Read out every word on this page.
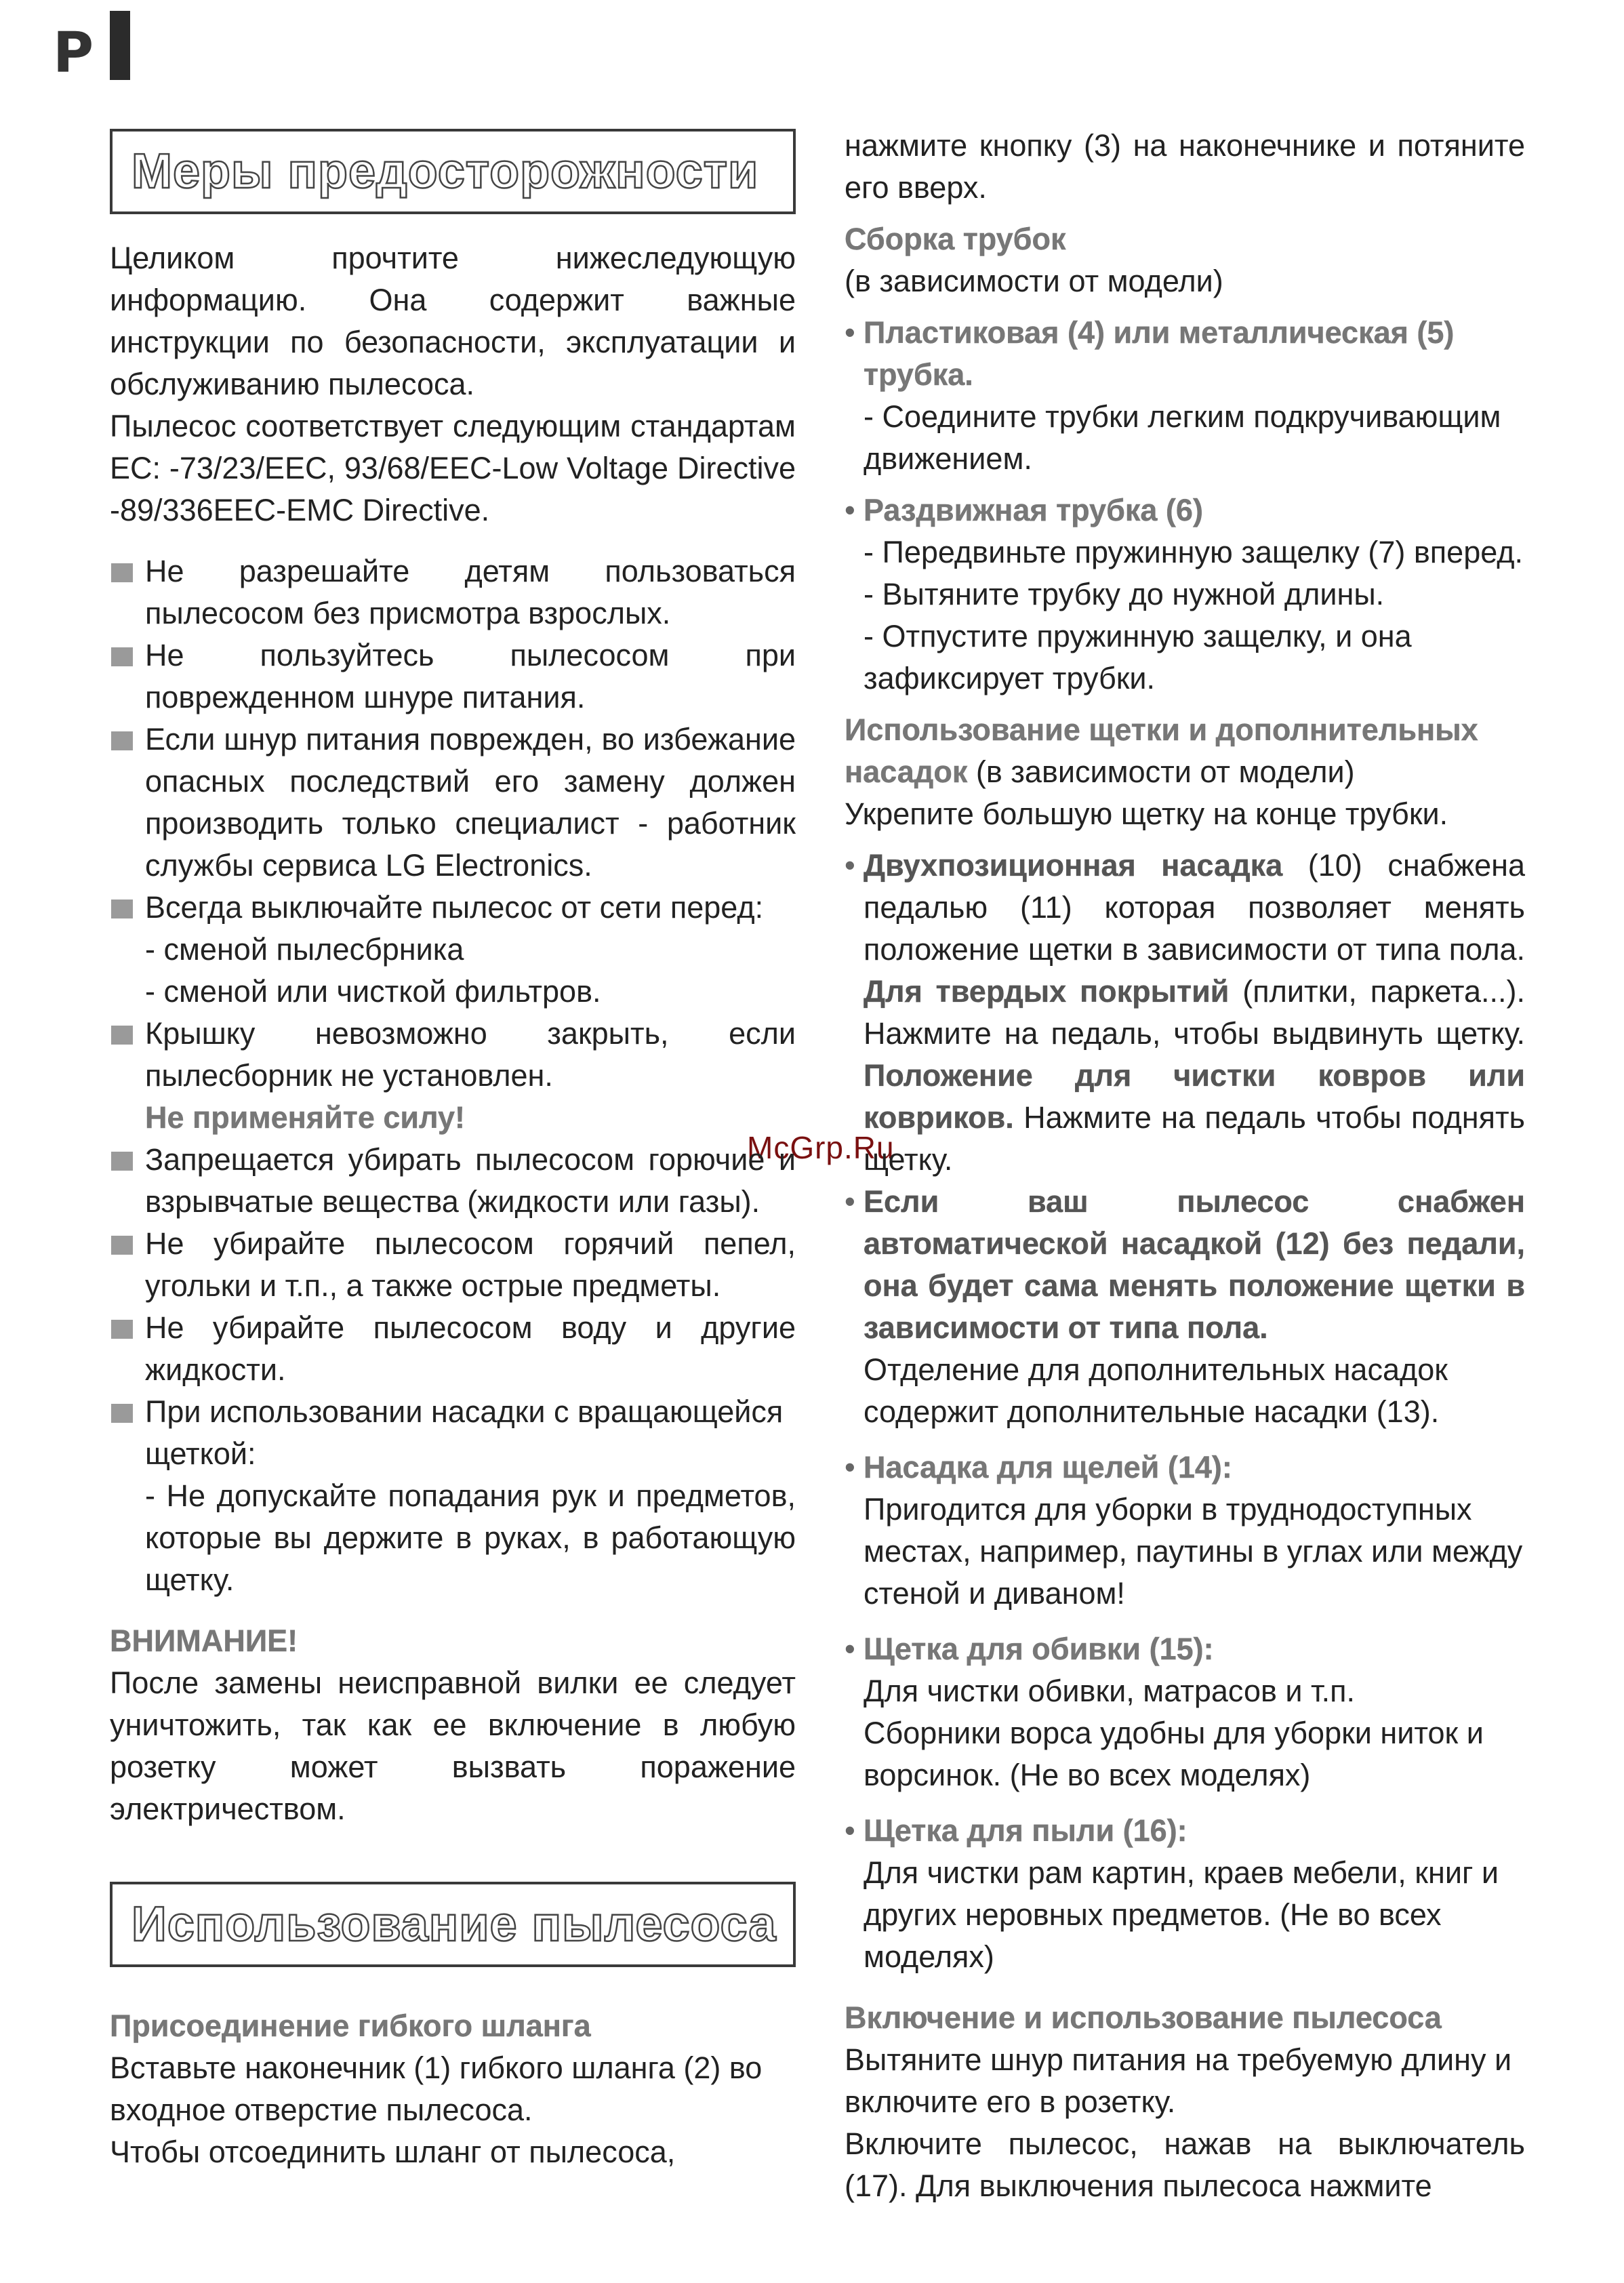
P
McGrp.Ru
Меры предосторожности

Целиком прочтите нижеследующую информацию. Она содержит важные инструкции по безопасности, эксплуатации и обслуживанию пылесоса.

Пылесос соответствует следующим стандартам ЕС: -73/23/ЕЕС, 93/68/ЕЕС-Low Voltage Directive -89/336ЕЕС-ЕМС Directive.

Не разрешайте детям пользоваться пылесосом без присмотра взрослых.
Не пользуйтесь пылесосом при поврежденном шнуре питания.
Если шнур питания поврежден, во избежание опасных последствий его замену должен производить только специалист - работник службы сервиса LG Electronics.
Всегда выключайте пылесос от сети перед:
- сменой пылесбрника
- сменой или чисткой фильтров.
Крышку невозможно закрыть, если пылесборник не установлен.
Не применяйте силу!
Запрещается убирать пылесосом горючие и взрывчатые вещества (жидкости или газы).
Не убирайте пылесосом горячий пепел, угольки и т.п., а также острые предметы.
Не убирайте пылесосом воду и другие жидкости.
При использовании насадки с вращающейся щеткой:
- Не допускайте попадания рук и предметов, которые вы держите в руках, в работающую щетку.

ВНИМАНИЕ!

После замены неисправной вилки ее следует уничтожить, так как ее включение в любую розетку может вызвать поражение электричеством.

Использование пылесоса

Присоединение гибкого шланга

Вставьте наконечник (1) гибкого шланга (2) во входное отверстие пылесоса.

Чтобы отсоединить шланг от пылесоса,

нажмите кнопку (3) на наконечнике и потяните его вверх.

Сборка трубок

(в зависимости от модели)

• Пластиковая (4) или металлическая (5) трубка.
- Соедините трубки легким подкручивающим движением.
• Раздвижная трубка (6)
- Передвиньте пружинную защелку (7) вперед.
- Вытяните трубку до нужной длины.
- Отпустите пружинную защелку, и она зафиксирует трубки.

Использование щетки и дополнительных насадок (в зависимости от модели)

Укрепите большую щетку на конце трубки.

• Двухпозиционная насадка (10) снабжена педалью (11) которая позволяет менять положение щетки в зависимости от типа пола. Для твердых покрытий (плитки, паркета...). Нажмите на педаль, чтобы выдвинуть щетку. Положение для чистки ковров или ковриков. Нажмите на педаль чтобы поднять щетку.
• Если ваш пылесос снабжен автоматической насадкой (12) без педали, она будет сама менять положение щетки в зависимости от типа пола.
Отделение для дополнительных насадок содержит дополнительные насадки (13).
• Насадка для щелей (14):
Пригодится для уборки в труднодоступных местах, например, паутины в углах или между стеной и диваном!
• Щетка для обивки (15):
Для чистки обивки, матрасов и т.п.
Сборники ворса удобны для уборки ниток и ворсинок. (Не во всех моделях)
• Щетка для пыли (16):
Для чистки рам картин, краев мебели, книг и других неровных предметов. (Не во всех моделях)

Включение и использование пылесоса

Вытяните шнур питания на требуемую длину и включите его в розетку.

Включите пылесос, нажав на выключатель (17). Для выключения пылесоса нажмите
